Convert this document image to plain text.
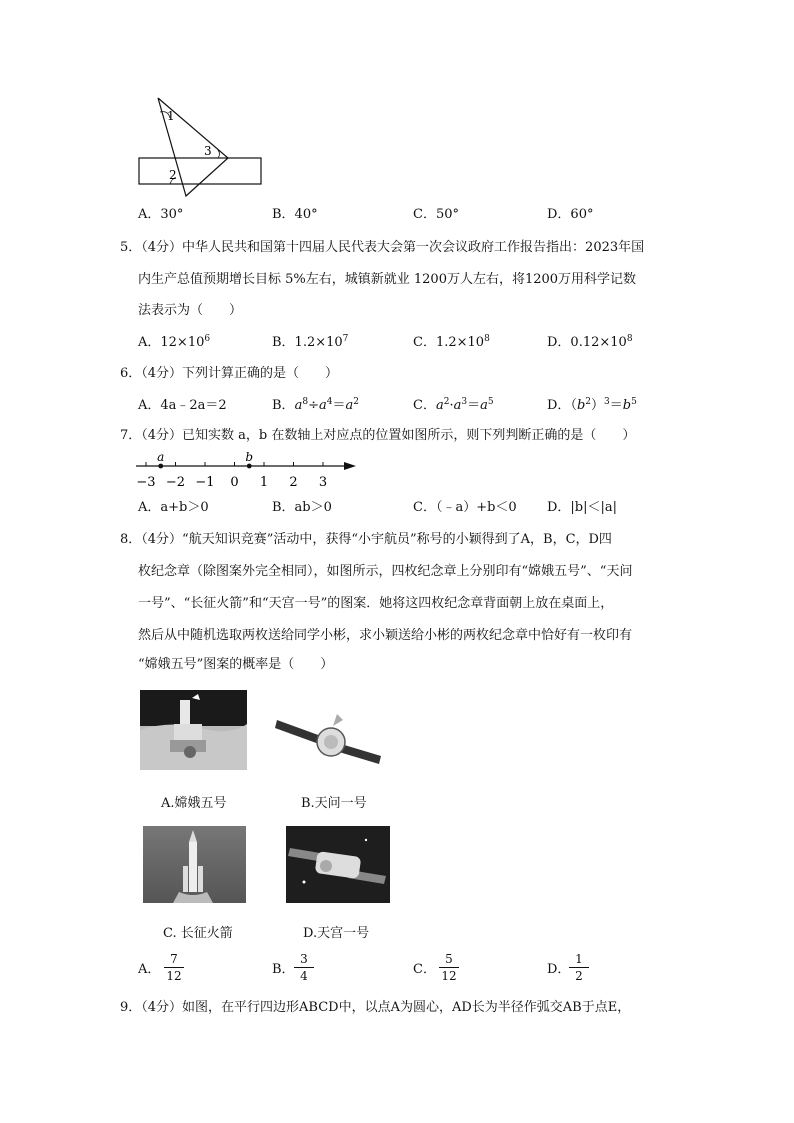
1
3
2
A．30°	B．40°	C．50°	D．60°
5．（4分）中华人民共和国第十四届人民代表大会第一次会议政府工作报告指出：2023年国
内生产总值预期增长目标 5%左右，城镇新就业 1200万人左右，将1200万用科学记数
法表示为（　　）
A．$12\times 10^6$	B．$1.2\times 10^7$	C．$1.2\times 10^8$	D．$0.12\times 10^8$
6．（4分）下列计算正确的是（　　）
A．4a﹣2a＝2	B．$a^8\div a^4=a^2$	C．$a^2\cdot a^3=a^5$	D．$(b^2)^3=b^5$
7．（4分）已知实数 a，b 在数轴上对应点的位置如图所示，则下列判断正确的是（　　）
−3 −2 −1 0 1 2 3
a	b
A．a+b＞0	B．ab＞0	C．（﹣a）+b＜0 D．|b|＜|a|
8．（4分）“航天知识竞赛”活动中，获得“小宇航员”称号的小颖得到了A，B，C，D四
枚纪念章（除图案外完全相同），如图所示，四枚纪念章上分别印有“嫦娥五号”、“天问
一号”、“长征火箭”和“天宫一号”的图案．她将这四枚纪念章背面朝上放在桌面上，
然后从中随机选取两枚送给同学小彬，求小颖送给小彬的两枚纪念章中恰好有一枚印有
“嫦娥五号”图案的概率是（　　）
A.嫦娥五号	B.天问一号
C. 长征火箭	D.天宫一号
A．
7
12	B．
3
4	C．
5
12	D．
1
2
9．（4分）如图，在平行四边形ABCD中，以点A为圆心，AD长为半径作弧交AB于点E，
